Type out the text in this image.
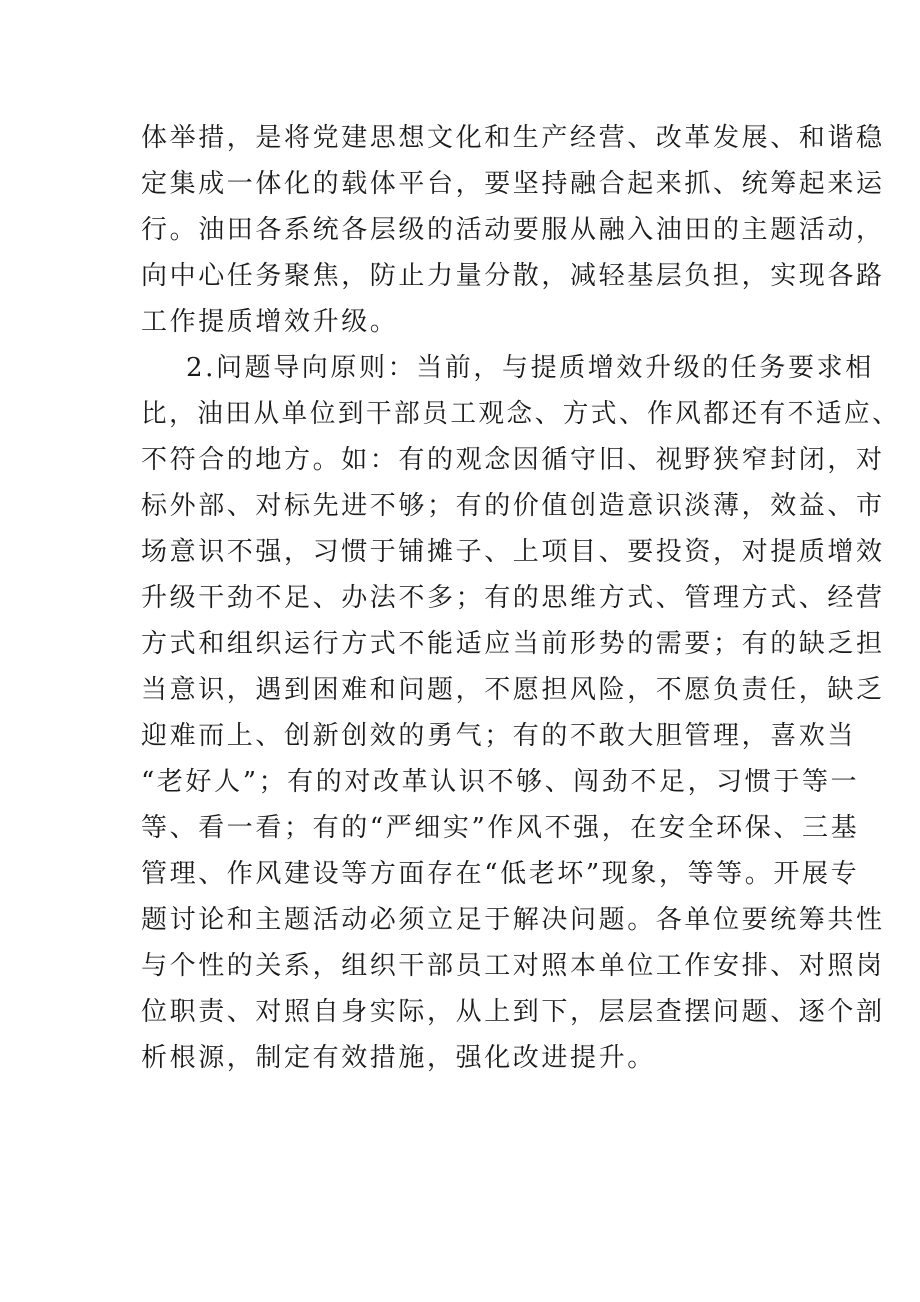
体举措，是将党建思想文化和生产经营、改革发展、和谐稳
定集成一体化的载体平台，要坚持融合起来抓、统筹起来运
行。油田各系统各层级的活动要服从融入油田的主题活动，
向中心任务聚焦，防止力量分散，减轻基层负担，实现各路
工作提质增效升级。
2.问题导向原则：当前，与提质增效升级的任务要求相
比，油田从单位到干部员工观念、方式、作风都还有不适应、
不符合的地方。如：有的观念因循守旧、视野狭窄封闭，对
标外部、对标先进不够；有的价值创造意识淡薄，效益、市
场意识不强，习惯于铺摊子、上项目、要投资，对提质增效
升级干劲不足、办法不多；有的思维方式、管理方式、经营
方式和组织运行方式不能适应当前形势的需要；有的缺乏担
当意识，遇到困难和问题，不愿担风险，不愿负责任，缺乏
迎难而上、创新创效的勇气；有的不敢大胆管理，喜欢当
“老好人”；有的对改革认识不够、闯劲不足，习惯于等一
等、看一看；有的“严细实”作风不强，在安全环保、三基
管理、作风建设等方面存在“低老坏”现象，等等。开展专
题讨论和主题活动必须立足于解决问题。各单位要统筹共性
与个性的关系，组织干部员工对照本单位工作安排、对照岗
位职责、对照自身实际，从上到下，层层查摆问题、逐个剖
析根源，制定有效措施，强化改进提升。
